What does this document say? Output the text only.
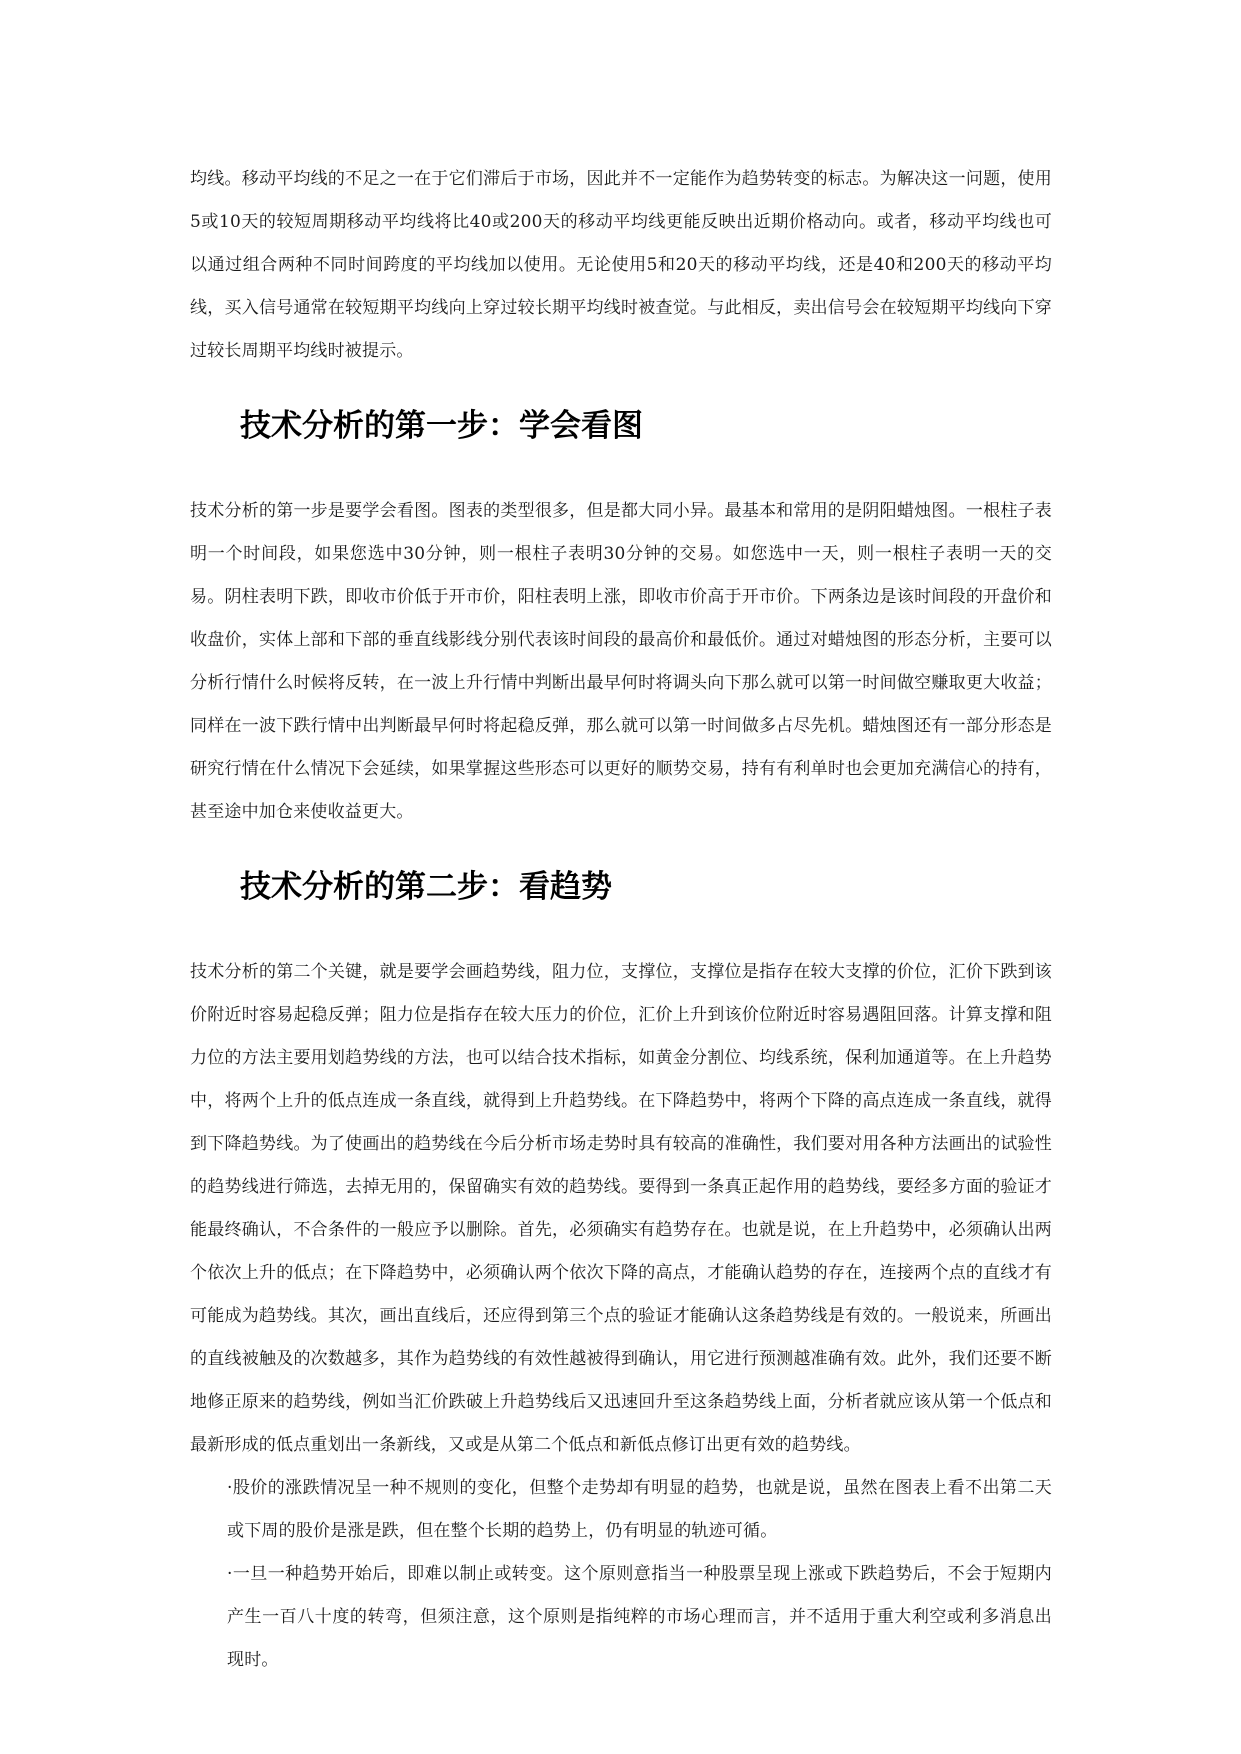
均线。移动平均线的不足之一在于它们滞后于市场，因此并不一定能作为趋势转变的标志。为解决这一问题，使用5或10天的较短周期移动平均线将比40或200天的移动平均线更能反映出近期价格动向。或者，移动平均线也可以通过组合两种不同时间跨度的平均线加以使用。无论使用5和20天的移动平均线，还是40和200天的移动平均线，买入信号通常在较短期平均线向上穿过较长期平均线时被查觉。与此相反，卖出信号会在较短期平均线向下穿过较长周期平均线时被提示。

技术分析的第一步：学会看图

技术分析的第一步是要学会看图。图表的类型很多，但是都大同小异。最基本和常用的是阴阳蜡烛图。一根柱子表明一个时间段，如果您选中30分钟，则一根柱子表明30分钟的交易。如您选中一天，则一根柱子表明一天的交易。阴柱表明下跌，即收市价低于开市价，阳柱表明上涨，即收市价高于开市价。下两条边是该时间段的开盘价和收盘价，实体上部和下部的垂直线影线分别代表该时间段的最高价和最低价。通过对蜡烛图的形态分析，主要可以分析行情什么时候将反转，在一波上升行情中判断出最早何时将调头向下那么就可以第一时间做空赚取更大收益；同样在一波下跌行情中出判断最早何时将起稳反弹，那么就可以第一时间做多占尽先机。蜡烛图还有一部分形态是研究行情在什么情况下会延续，如果掌握这些形态可以更好的顺势交易，持有有利单时也会更加充满信心的持有，甚至途中加仓来使收益更大。

技术分析的第二步：看趋势

技术分析的第二个关键，就是要学会画趋势线，阻力位，支撑位，支撑位是指存在较大支撑的价位，汇价下跌到该价附近时容易起稳反弹；阻力位是指存在较大压力的价位，汇价上升到该价位附近时容易遇阻回落。计算支撑和阻力位的方法主要用划趋势线的方法，也可以结合技术指标，如黄金分割位、均线系统，保利加通道等。在上升趋势中，将两个上升的低点连成一条直线，就得到上升趋势线。在下降趋势中，将两个下降的高点连成一条直线，就得到下降趋势线。为了使画出的趋势线在今后分析市场走势时具有较高的准确性，我们要对用各种方法画出的试验性的趋势线进行筛选，去掉无用的，保留确实有效的趋势线。要得到一条真正起作用的趋势线，要经多方面的验证才能最终确认，不合条件的一般应予以删除。首先，必须确实有趋势存在。也就是说，在上升趋势中，必须确认出两个依次上升的低点；在下降趋势中，必须确认两个依次下降的高点，才能确认趋势的存在，连接两个点的直线才有可能成为趋势线。其次，画出直线后，还应得到第三个点的验证才能确认这条趋势线是有效的。一般说来，所画出的直线被触及的次数越多，其作为趋势线的有效性越被得到确认，用它进行预测越准确有效。此外，我们还要不断地修正原来的趋势线，例如当汇价跌破上升趋势线后又迅速回升至这条趋势线上面，分析者就应该从第一个低点和最新形成的低点重划出一条新线，又或是从第二个低点和新低点修订出更有效的趋势线。

·股价的涨跌情况呈一种不规则的变化，但整个走势却有明显的趋势，也就是说，虽然在图表上看不出第二天或下周的股价是涨是跌，但在整个长期的趋势上，仍有明显的轨迹可循。
·一旦一种趋势开始后，即难以制止或转变。这个原则意指当一种股票呈现上涨或下跌趋势后，不会于短期内产生一百八十度的转弯，但须注意，这个原则是指纯粹的市场心理而言，并不适用于重大利空或利多消息出现时。
